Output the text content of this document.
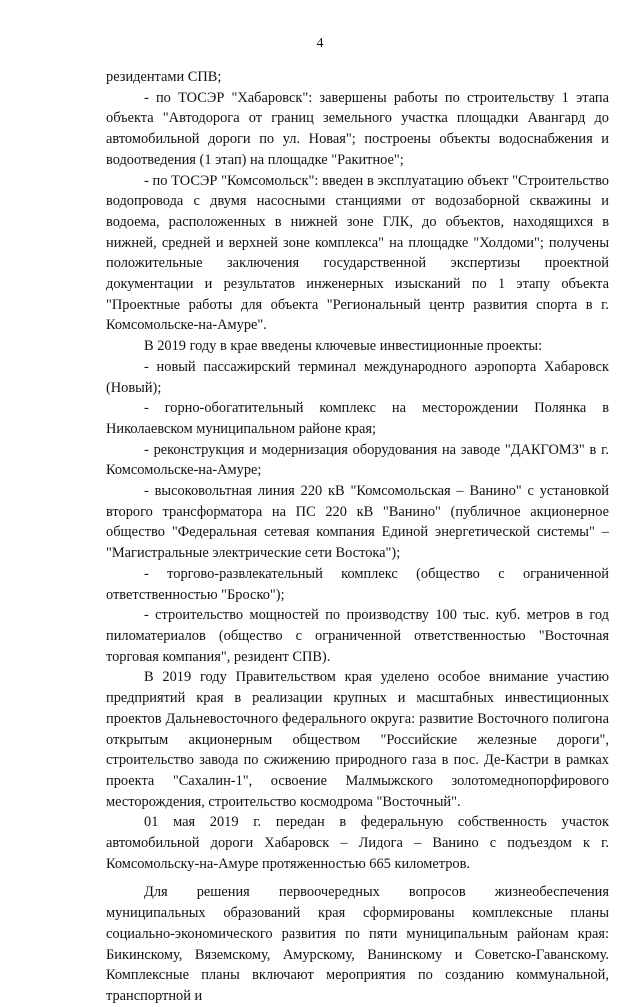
4

резидентами СПВ;

- по ТОСЭР "Хабаровск": завершены работы по строительству 1 этапа объекта "Автодорога от границ земельного участка площадки Авангард до автомобильной дороги по ул. Новая"; построены объекты водоснабжения и водоотведения (1 этап) на площадке "Ракитное";

- по ТОСЭР "Комсомольск": введен в эксплуатацию объект "Строительство водопровода с двумя насосными станциями от водозаборной скважины и водоема, расположенных в нижней зоне ГЛК, до объектов, находящихся в нижней, средней и верхней зоне комплекса" на площадке "Холдоми"; получены положительные заключения государственной экспертизы проектной документации и результатов инженерных изысканий по 1 этапу объекта "Проектные работы для объекта "Региональный центр развития спорта в г. Комсомольске-на-Амуре".

В 2019 году в крае введены ключевые инвестиционные проекты:

- новый пассажирский терминал международного аэропорта Хабаровск (Новый);

- горно-обогатительный комплекс на месторождении Полянка в Николаевском муниципальном районе края;

- реконструкция и модернизация оборудования на заводе "ДАКГОМЗ" в г. Комсомольске-на-Амуре;

- высоковольтная линия 220 кВ "Комсомольская – Ванино" с установкой второго трансформатора на ПС 220 кВ "Ванино" (публичное акционерное общество "Федеральная сетевая компания Единой энергетической системы" – "Магистральные электрические сети Востока");

- торгово-развлекательный комплекс (общество с ограниченной ответственностью "Броско");

- строительство мощностей по производству 100 тыс. куб. метров в год пиломатериалов (общество с ограниченной ответственностью "Восточная торговая компания", резидент СПВ).

В 2019 году Правительством края уделено особое внимание участию предприятий края в реализации крупных и масштабных инвестиционных проектов Дальневосточного федерального округа: развитие Восточного полигона открытым акционерным обществом "Российские железные дороги", строительство завода по сжижению природного газа в пос. Де-Кастри в рамках проекта "Сахалин-1", освоение Малмыжского золотомеднопорфирового месторождения, строительство космодрома "Восточный".

01 мая 2019 г. передан в федеральную собственность участок автомобильной дороги Хабаровск – Лидога – Ванино с подъездом к г. Комсомольску-на-Амуре протяженностью 665 километров.

Для решения первоочередных вопросов жизнеобеспечения муниципальных образований края сформированы комплексные планы социально-экономического развития по пяти муниципальным районам края: Бикинскому, Вяземскому, Амурскому, Ванинскому и Советско-Гаванскому. Комплексные планы включают мероприятия по созданию коммунальной, транспортной и
